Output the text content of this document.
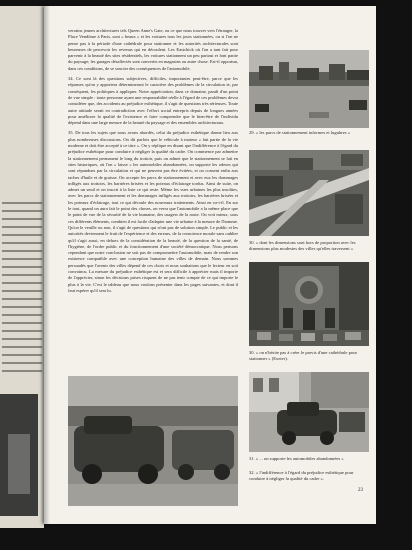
verrains jeunes architectures tels Queen Anne's Gate, ou ce que nous trouver vers l'étranger, la Place Vendôme à Paris, sont « beaux » et les voitures tous les jours stationnées, ou si l'on ne pense pas à la période d'une cathédrale pour stationner et les autorités architecturales sont heureuses de percevoir les revenus qui en découlent. Les Eastchick où l'on a tant fait pour parvenir à la beauté des sites résidentiels, les voitures stationnent un peu partout et font partie du paysage; les garages désaffectés sont convertis en magasins ou autre chose. Est-il opportun, dans ces conditions, de se soucier des conséquences de l'automobile.

34. Ce sont là des questions subjectives, difficiles, importantes peut-être, parce que les réponses qu'on y apportera détermineront le caractère des problèmes de la circulation et, par conséquent, les politiques à appliquer. Notre appréciation, dans ce domaine, paraît d'un point de vue simple : toute personne ayant une responsabilité réelle à l'égard de ces problèmes devra considérer que, des accidents au préjudice esthétique, il s'agit de questions très sérieuses. Toute autre attitude serait en contradiction avec l'effort social entrepris depuis de longues années pour améliorer la qualité de l'existence et faire comprendre que le bien-être de l'individu dépend dans une large mesure de la beauté du paysage et des ensembles architecturaux.

35. De tous les sujets que nous avons abordés, celui du préjudice esthétique donne lieu aux plus nombreuses discussions. On dit parfois que le véhicule à moteur « fait partie de la vie moderne et doit être accepté à ce titre ». On y réplique en disant que l'indifférence à l'égard du préjudice esthétique pour conduire à négliger la qualité du cadre. On commence par admettre la stationnement permanent le long du trottoir, puis on admet que le stationnement se fait en sites historiques, où l'on « laisse » les automobiles abandonnées, on supporte les odeurs qui sont répandues par la circulation et qui ne peuvent pas être évitées, et on consent enfin aux taches d'huile et de graisse. On accepte les parcs de stationnement et avec eux les dommages infligés aux trottoirs, les barrières brisées et les poteaux d'éclairage tordus. Ainsi de suite, on admet un seuil et on inscrit à la liste ce qui reste. Même les vues urbaines les plus insolites, avec les parcs de stationnement et les dommages infligés aux trottoirs, les barrières brisées et les poteaux d'éclairage, tout ce qui découle des nouveaux traitements. Ainsi en va-t-il. En sur le tout, quand on aura fait le point des choses, on verra que l'automobile a la même place que le point de vue de la sécurité de la vie humaine, des usagers de la route. On voit mieux, sous ces différents éléments, combien il est facile d'adapter une vie urbaine à la mesure de l'homme. Qu'on le veuille ou non, il s'agit de questions qui n'ont pas de solution simple. Le public et les autorités deviennent le fruit de l'expérience et des erreurs, de la conscience morale sans oublier qu'il s'agit aussi, en dehors de la considération de la beauté, de la question de la santé, de l'hygiène, de l'ordre public et du fonctionnement d'une société démocratique. Nous pensons cependant que notre conclusion ne soit pas de compromettre l'automobile, mais de rendre son existence compatible avec une conception humaine des villes de demain. Nous sommes persuadés que l'avenir des villes dépend de ces choix et nous souhaitons que le lecteur en soit convaincu. La mesure du préjudice esthétique est et sera difficile à apprécier mais il importe de l'apprécier, sinon les décisions prises risquent de ne pas tenir compte de ce qui importe le plus à la vie. C'est le tableau que nous voulons présenter dans les pages suivantes, et dont il faut espérer qu'il sera lu.

29. « les parcs de stationnement informes et lugubres »
30. « dont les dimensions sont hors de proportion avec les dimensions plus modestes des villes qu'elles traversent »
30. « on n'hésite pas à créer le parvis d'une cathédrale pour stationner » (Exeter).
31. « ... on supporte les automobiles abandonnées »
32. « l'indifférence à l'égard du préjudice esthétique pour conduire à négliger la qualité du cadre ».
23
